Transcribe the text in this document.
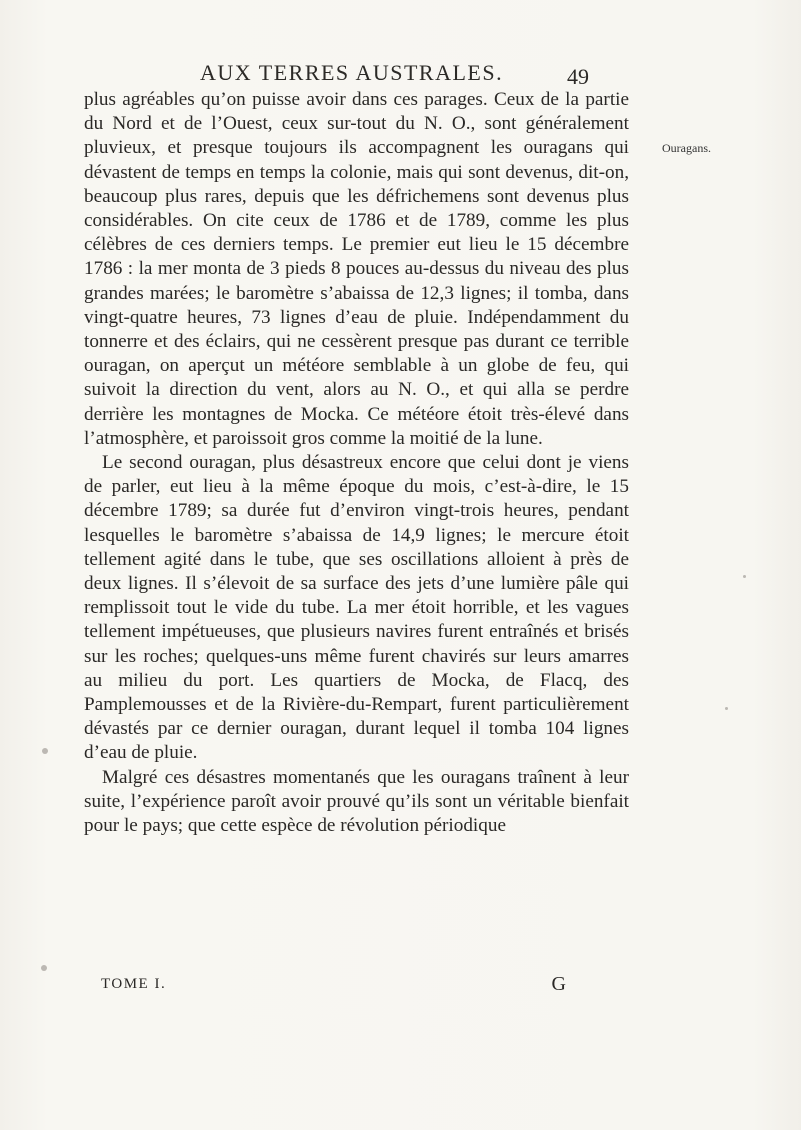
AUX TERRES AUSTRALES.	49
Ouragans.

plus agréables qu’on puisse avoir dans ces parages. Ceux de la partie du Nord et de l’Ouest, ceux sur-tout du N. O., sont généralement pluvieux, et presque toujours ils accompagnent les ouragans qui dévastent de temps en temps la colonie, mais qui sont devenus, dit-on, beaucoup plus rares, depuis que les défrichemens sont devenus plus considérables. On cite ceux de 1786 et de 1789, comme les plus célèbres de ces derniers temps. Le premier eut lieu le 15 décembre 1786 : la mer monta de 3 pieds 8 pouces au-dessus du niveau des plus grandes marées; le baromètre s’abaissa de 12,3 lignes; il tomba, dans vingt-quatre heures, 73 lignes d’eau de pluie. Indépendamment du tonnerre et des éclairs, qui ne cessèrent presque pas durant ce terrible ouragan, on aperçut un météore semblable à un globe de feu, qui suivoit la direction du vent, alors au N. O., et qui alla se perdre derrière les montagnes de Mocka. Ce météore étoit très-élevé dans l’atmosphère, et paroissoit gros comme la moitié de la lune.

Le second ouragan, plus désastreux encore que celui dont je viens de parler, eut lieu à la même époque du mois, c’est-à-dire, le 15 décembre 1789; sa durée fut d’environ vingt-trois heures, pendant lesquelles le baromètre s’abaissa de 14,9 lignes; le mercure étoit tellement agité dans le tube, que ses oscillations alloient à près de deux lignes. Il s’élevoit de sa surface des jets d’une lumière pâle qui remplissoit tout le vide du tube. La mer étoit horrible, et les vagues tellement impétueuses, que plusieurs navires furent entraînés et brisés sur les roches; quelques-uns même furent chavirés sur leurs amarres au milieu du port. Les quartiers de Mocka, de Flacq, des Pamplemousses et de la Rivière-du-Rempart, furent particulièrement dévastés par ce dernier ouragan, durant lequel il tomba 104 lignes d’eau de pluie.

Malgré ces désastres momentanés que les ouragans traînent à leur suite, l’expérience paroît avoir prouvé qu’ils sont un véritable bienfait pour le pays; que cette espèce de révolution périodique

TOME I.	G
